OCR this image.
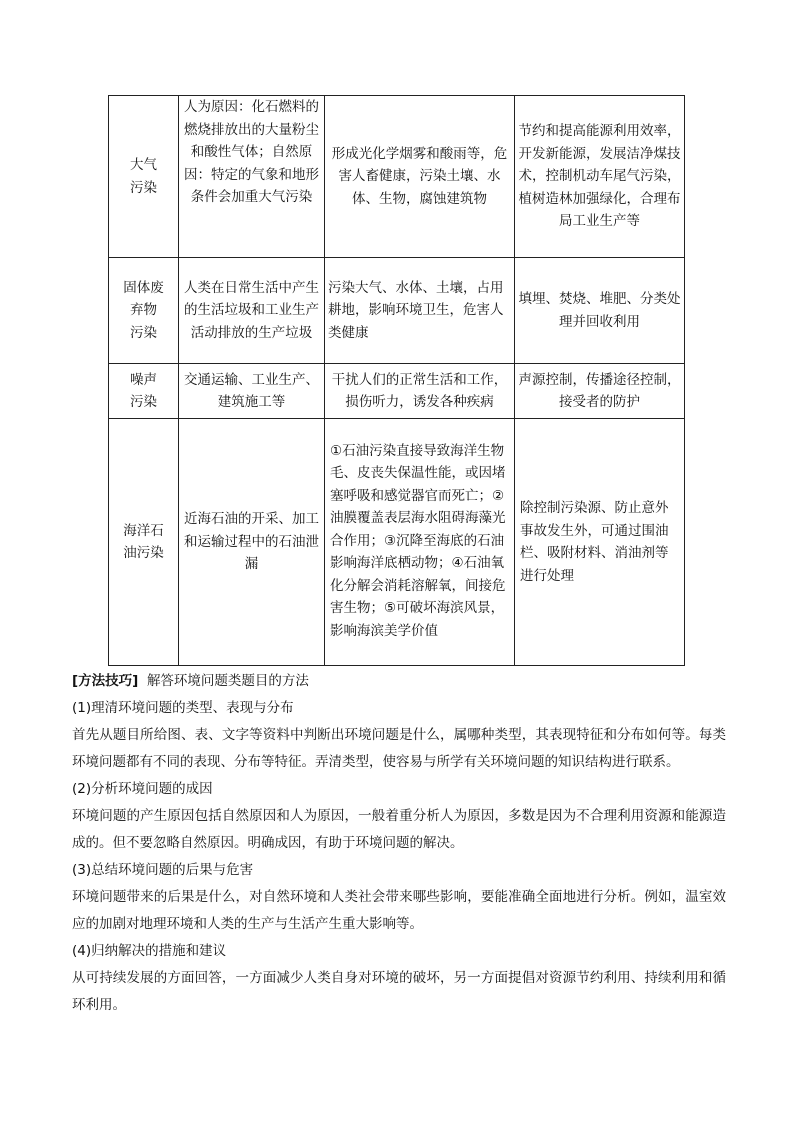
大气
污染	人为原因：化石燃料的燃烧排放出的大量粉尘和酸性气体；自然原因：特定的气象和地形条件会加重大气污染	形成光化学烟雾和酸雨等，危害人畜健康，污染土壤、水体、生物，腐蚀建筑物	节约和提高能源利用效率，开发新能源，发展洁净煤技术，控制机动车尾气污染，植树造林加强绿化，合理布局工业生产等
固体废
弃物
污染	人类在日常生活中产生的生活垃圾和工业生产活动排放的生产垃圾	污染大气、水体、土壤，占用耕地，影响环境卫生，危害人类健康	填埋、焚烧、堆肥、分类处理并回收利用
噪声
污染	交通运输、工业生产、建筑施工等	干扰人们的正常生活和工作，损伤听力，诱发各种疾病	声源控制，传播途径控制，接受者的防护
海洋石
油污染	近海石油的开采、加工和运输过程中的石油泄漏	①石油污染直接导致海洋生物毛、皮丧失保温性能，或因堵塞呼吸和感觉器官而死亡；②油膜覆盖表层海水阻碍海藻光合作用；③沉降至海底的石油影响海洋底栖动物；④石油氧化分解会消耗溶解氧，间接危害生物；⑤可破坏海滨风景，影响海滨美学价值	除控制污染源、防止意外事故发生外，可通过围油栏、吸附材料、消油剂等进行处理

[方法技巧] 解答环境问题类题目的方法

(1)理清环境问题的类型、表现与分布

首先从题目所给图、表、文字等资料中判断出环境问题是什么，属哪种类型，其表现特征和分布如何等。每类环境问题都有不同的表现、分布等特征。弄清类型，使容易与所学有关环境问题的知识结构进行联系。

(2)分析环境问题的成因

环境问题的产生原因包括自然原因和人为原因，一般着重分析人为原因，多数是因为不合理利用资源和能源造成的。但不要忽略自然原因。明确成因，有助于环境问题的解决。

(3)总结环境问题的后果与危害

环境问题带来的后果是什么，对自然环境和人类社会带来哪些影响，要能准确全面地进行分析。例如，温室效应的加剧对地理环境和人类的生产与生活产生重大影响等。

(4)归纳解决的措施和建议

从可持续发展的方面回答，一方面减少人类自身对环境的破坏，另一方面提倡对资源节约利用、持续利用和循环利用。
